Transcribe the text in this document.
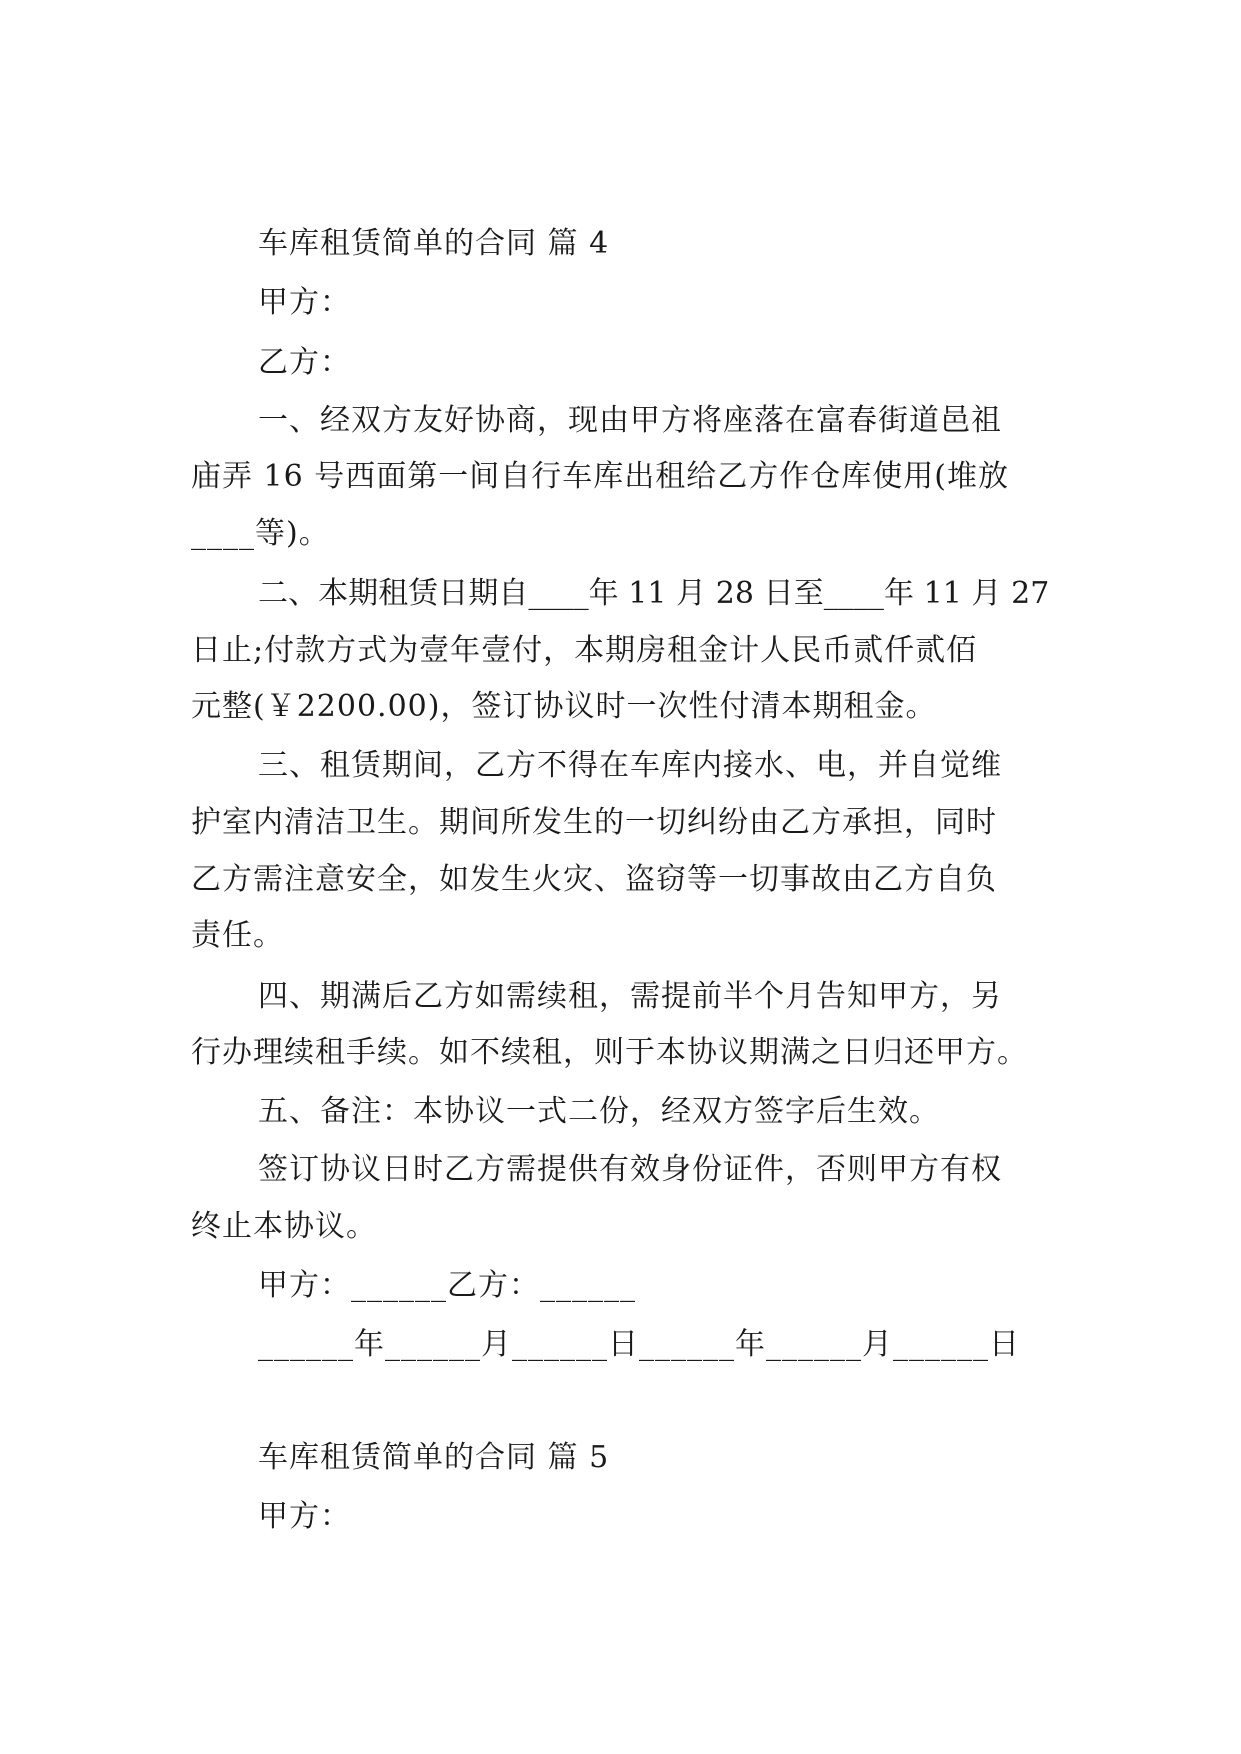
车库租赁简单的合同 篇 4
甲方：
乙方：
一、经双方友好协商，现由甲方将座落在富春街道邑祖
庙弄 16 号西面第一间自行车库出租给乙方作仓库使用(堆放
____等)。
二、本期租赁日期自____年 11 月 28 日至____年 11 月 27
日止;付款方式为壹年壹付，本期房租金计人民币贰仟贰佰
元整(￥2200.00)，签订协议时一次性付清本期租金。
三、租赁期间，乙方不得在车库内接水、电，并自觉维
护室内清洁卫生。期间所发生的一切纠纷由乙方承担，同时
乙方需注意安全，如发生火灾、盗窃等一切事故由乙方自负
责任。
四、期满后乙方如需续租，需提前半个月告知甲方，另
行办理续租手续。如不续租，则于本协议期满之日归还甲方。
五、备注：本协议一式二份，经双方签字后生效。
签订协议日时乙方需提供有效身份证件，否则甲方有权
终止本协议。
甲方：______乙方：______
______年______月______日______年______月______日
车库租赁简单的合同 篇 5
甲方：
